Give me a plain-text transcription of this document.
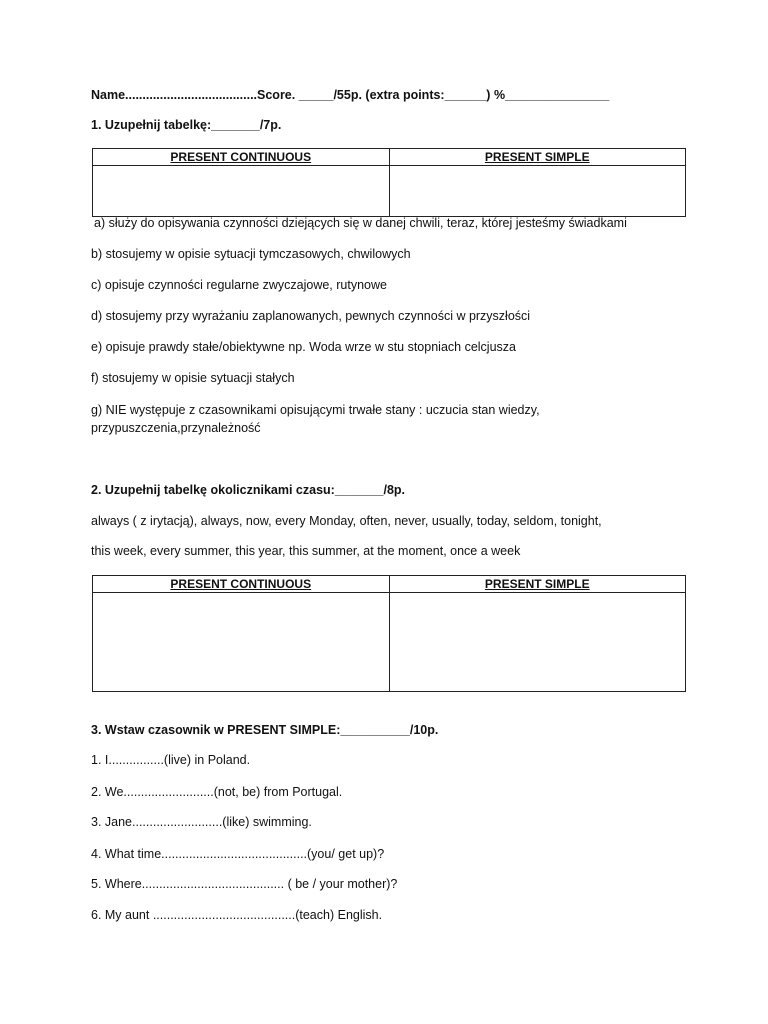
Name......................................Score. _____/55p. (extra points:______) %_______________
1. Uzupełnij tabelkę:_______/7p.
PRESENT CONTINUOUS	PRESENT SIMPLE

a) służy do opisywania czynności dziejących się w danej chwili, teraz, której jesteśmy świadkami
b) stosujemy w opisie sytuacji tymczasowych, chwilowych
c) opisuje czynności regularne zwyczajowe, rutynowe
d) stosujemy przy wyrażaniu zaplanowanych, pewnych czynności w przyszłości
e) opisuje prawdy stałe/obiektywne np. Woda wrze w stu stopniach celcjusza
f) stosujemy w opisie sytuacji stałych
g) NIE występuje z czasownikami opisującymi trwałe stany : uczucia stan wiedzy, przypuszczenia,przynależność
2. Uzupełnij tabelkę okolicznikami czasu:_______/8p.
always ( z irytacją), always, now, every Monday, often, never, usually, today, seldom, tonight,
this week, every summer, this year, this summer, at the moment, once a week
PRESENT CONTINUOUS	PRESENT SIMPLE

3. Wstaw czasownik w PRESENT SIMPLE:__________/10p.
1. I................(live) in Poland.
2. We..........................(not, be) from Portugal.
3. Jane..........................(like) swimming.
4. What time..........................................(you/ get up)?
5. Where......................................... ( be / your mother)?
6. My aunt .........................................(teach) English.
